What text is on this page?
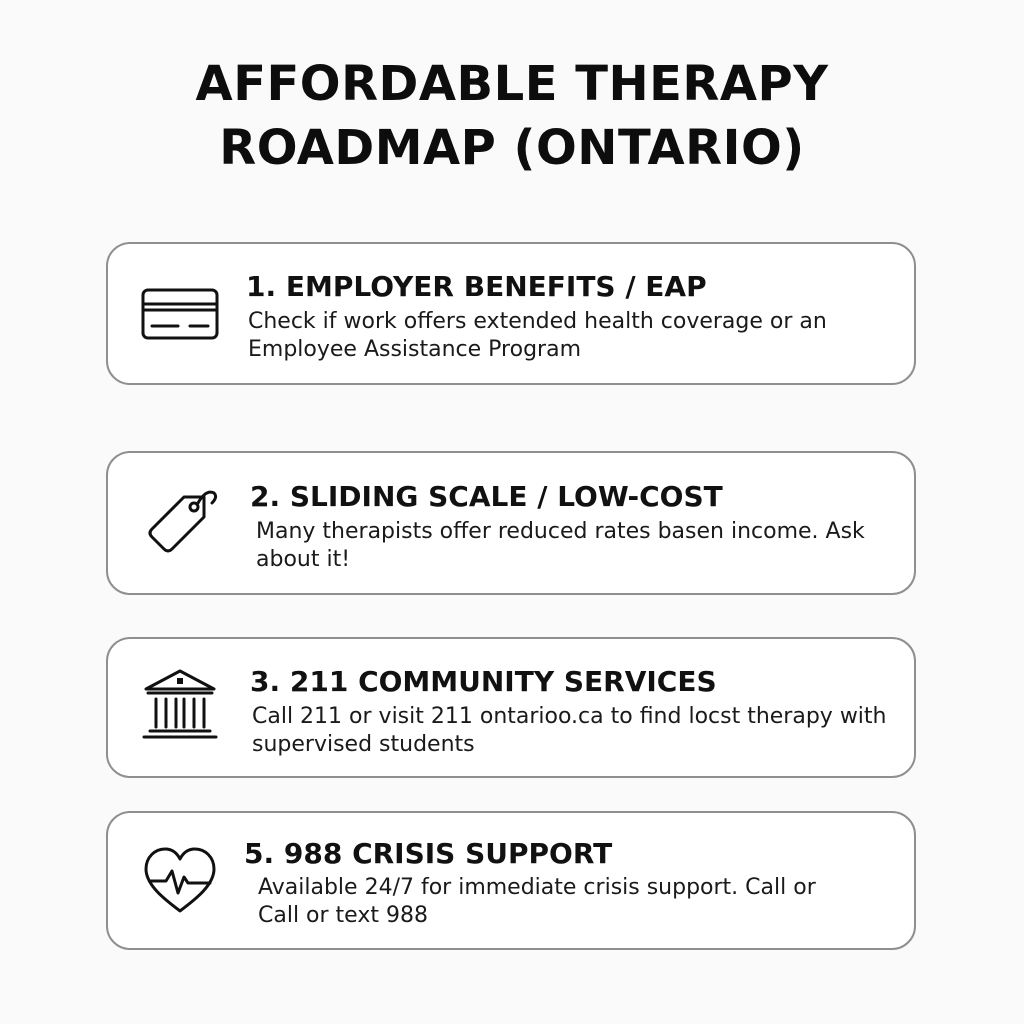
AFFORDABLE THERAPY
ROADMAP (ONTARIO)
1. EMPLOYER BENEFITS / EAP
Check if work offers extended health coverage or an
Employee Assistance Program
2. SLIDING SCALE / LOW-COST
Many therapists offer reduced rates basen income. Ask
about it!
3. 211 COMMUNITY SERVICES
Call 211 or visit 211 ontarioo.ca to find locst therapy with
supervised students
5. 988 CRISIS SUPPORT
Available 24/7 for immediate crisis support. Call or
Call or text 988
